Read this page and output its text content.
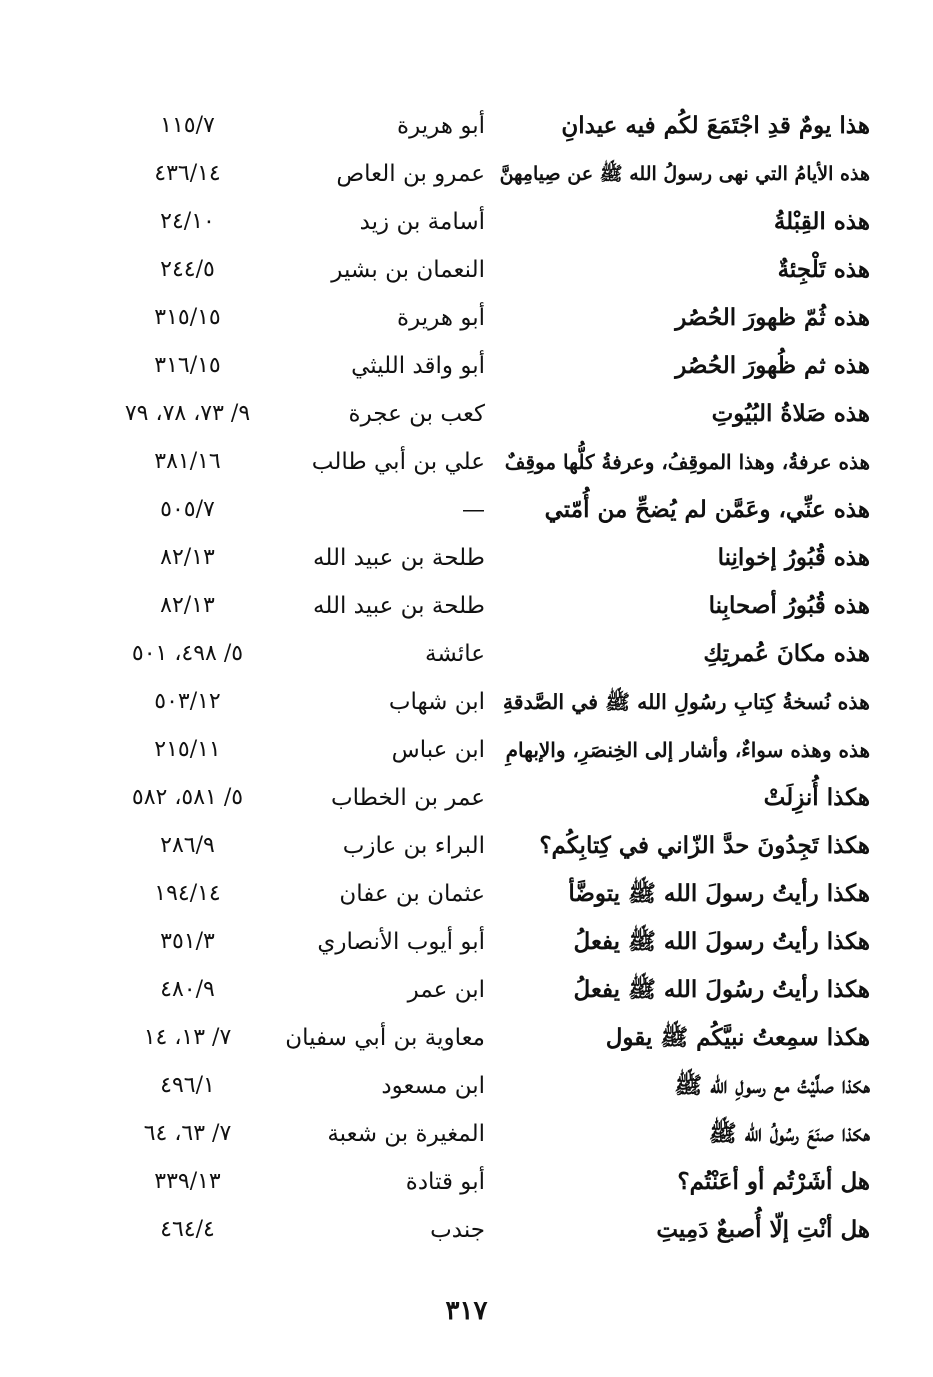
هذا يومٌ قدِ اجْتَمَعَ لكُم فيه عيدانِ
أبو هريرة
١١٥/٧
هذه الأيامُ التي نهى رسولُ الله ﷺ عن صِيامِهنَّ
عمرو بن العاص
٤٣٦/١٤
هذه القِبْلةُ
أسامة بن زيد
٢٤/١٠
هذه تَلْجِئةٌ
النعمان بن بشير
٢٤٤/٥
هذه ثُمّ ظهورَ الحُصُر
أبو هريرة
٣١٥/١٥
هذه ثم ظُهورَ الحُصُر
أبو واقد الليثي
٣١٦/١٥
هذه صَلاةُ البُيُوتِ
كعب بن عجرة
٩/ ٧٣، ٧٨، ٧٩
هذه عرفةُ، وهذا الموقِفُ، وعرفةُ كلُّها موقِفٌ
علي بن أبي طالب
٣٨١/١٦
هذه عنِّي، وعَمَّن لم يُضحِّ من أُمّتي
—
٥٠٥/٧
هذه قُبُورُ إخوانِنا
طلحة بن عبيد الله
٨٢/١٣
هذه قُبُورُ أصحابِنا
طلحة بن عبيد الله
٨٢/١٣
هذه مكانَ عُمرتِكِ
عائشة
٥/ ٤٩٨، ٥٠١
هذه نُسخةُ كِتابِ رسُولِ الله ﷺ في الصَّدقةِ
ابن شهاب
٥٠٣/١٢
هذه وهذه سواءٌ، وأشار إلى الخِنصَرِ، والإبهامِ
ابن عباس
٢١٥/١١
هكذا أُنزِلَتْ
عمر بن الخطاب
٥/ ٥٨١، ٥٨٢
هكذا تَجِدُونَ حدَّ الزّاني في كِتابِكُم؟
البراء بن عازب
٢٨٦/٩
هكذا رأيتُ رسولَ الله ﷺ يتوضَّأ
عثمان بن عفان
١٩٤/١٤
هكذا رأيتُ رسولَ الله ﷺ يفعلُ
أبو أيوب الأنصاري
٣٥١/٣
هكذا رأيتُ رسُولَ الله ﷺ يفعلُ
ابن عمر
٤٨٠/٩
هكذا سمِعتُ نبيَّكُم ﷺ يقول
معاوية بن أبي سفيان
٧/ ١٣، ١٤
هكذا صلَّيْتُ مع رسولِ الله ﷺ
ابن مسعود
٤٩٦/١
هكذا صنَعَ رسُولُ الله ﷺ
المغيرة بن شعبة
٧/ ٦٣، ٦٤
هل أشَرْتُم أو أعَنْتُم؟
أبو قتادة
٣٣٩/١٣
هل أنْتِ إلّا أُصبعٌ دَمِيتِ
جندب
٤٦٤/٤
٣١٧
